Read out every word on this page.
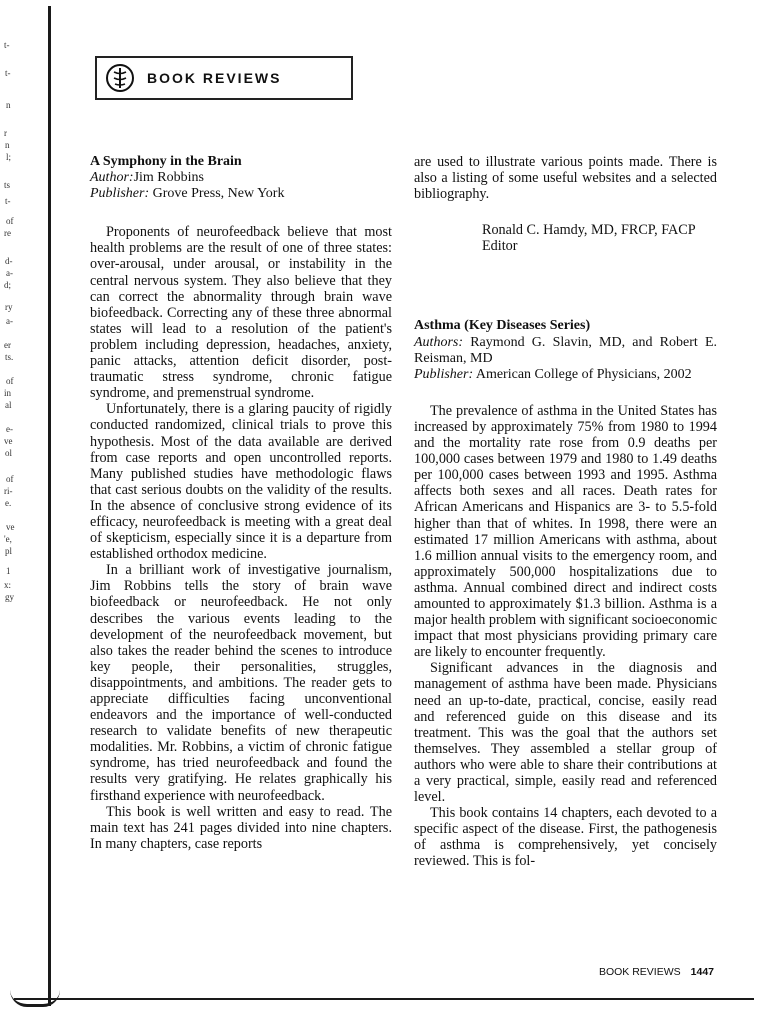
t-
t-
n
r
n
l;
ts
t-
of
re
d-
a-
d;
ry
a-
er
ts.
of
in
al
e-
ve
ol
of
ri-
e.
ve
'e,
pl
1
x:
gy
BOOK REVIEWS
A Symphony in the Brain
Author:Jim Robbins
Publisher: Grove Press, New York

Proponents of neurofeedback believe that most health problems are the result of one of three states: over-arousal, under arousal, or instability in the central nervous system. They also believe that they can correct the abnormality through brain wave biofeedback. Correcting any of these three abnormal states will lead to a resolution of the patient's problem including depression, headaches, anxiety, panic attacks, attention deficit disorder, post-traumatic stress syndrome, chronic fatigue syndrome, and premenstrual syndrome.

Unfortunately, there is a glaring paucity of rigidly conducted randomized, clinical trials to prove this hypothesis. Most of the data available are derived from case reports and open uncontrolled reports. Many published studies have methodologic flaws that cast serious doubts on the validity of the results. In the absence of conclusive strong evidence of its efficacy, neurofeedback is meeting with a great deal of skepticism, especially since it is a departure from established orthodox medicine.

In a brilliant work of investigative journalism, Jim Robbins tells the story of brain wave biofeedback or neurofeedback. He not only describes the various events leading to the development of the neurofeedback movement, but also takes the reader behind the scenes to introduce key people, their personalities, struggles, disappointments, and ambitions. The reader gets to appreciate difficulties facing unconventional endeavors and the importance of well-conducted research to validate benefits of new therapeutic modalities. Mr. Robbins, a victim of chronic fatigue syndrome, has tried neurofeedback and found the results very gratifying. He relates graphically his firsthand experience with neurofeedback.

This book is well written and easy to read. The main text has 241 pages divided into nine chapters. In many chapters, case reports

are used to illustrate various points made. There is also a listing of some useful websites and a selected bibliography.

Ronald C. Hamdy, MD, FRCP, FACP
Editor
Asthma (Key Diseases Series)
Authors: Raymond G. Slavin, MD, and Robert E. Reisman, MD
Publisher: American College of Physicians, 2002

The prevalence of asthma in the United States has increased by approximately 75% from 1980 to 1994 and the mortality rate rose from 0.9 deaths per 100,000 cases between 1979 and 1980 to 1.49 deaths per 100,000 cases between 1993 and 1995. Asthma affects both sexes and all races. Death rates for African Americans and Hispanics are 3- to 5.5-fold higher than that of whites. In 1998, there were an estimated 17 million Americans with asthma, about 1.6 million annual visits to the emergency room, and approximately 500,000 hospitalizations due to asthma. Annual combined direct and indirect costs amounted to approximately $1.3 billion. Asthma is a major health problem with significant socioeconomic impact that most physicians providing primary care are likely to encounter frequently.

Significant advances in the diagnosis and management of asthma have been made. Physicians need an up-to-date, practical, concise, easily read and referenced guide on this disease and its treatment. This was the goal that the authors set themselves. They assembled a stellar group of authors who were able to share their contributions at a very practical, simple, easily read and referenced level.

This book contains 14 chapters, each devoted to a specific aspect of the disease. First, the pathogenesis of asthma is comprehensively, yet concisely reviewed. This is fol-

BOOK REVIEWS 1447
